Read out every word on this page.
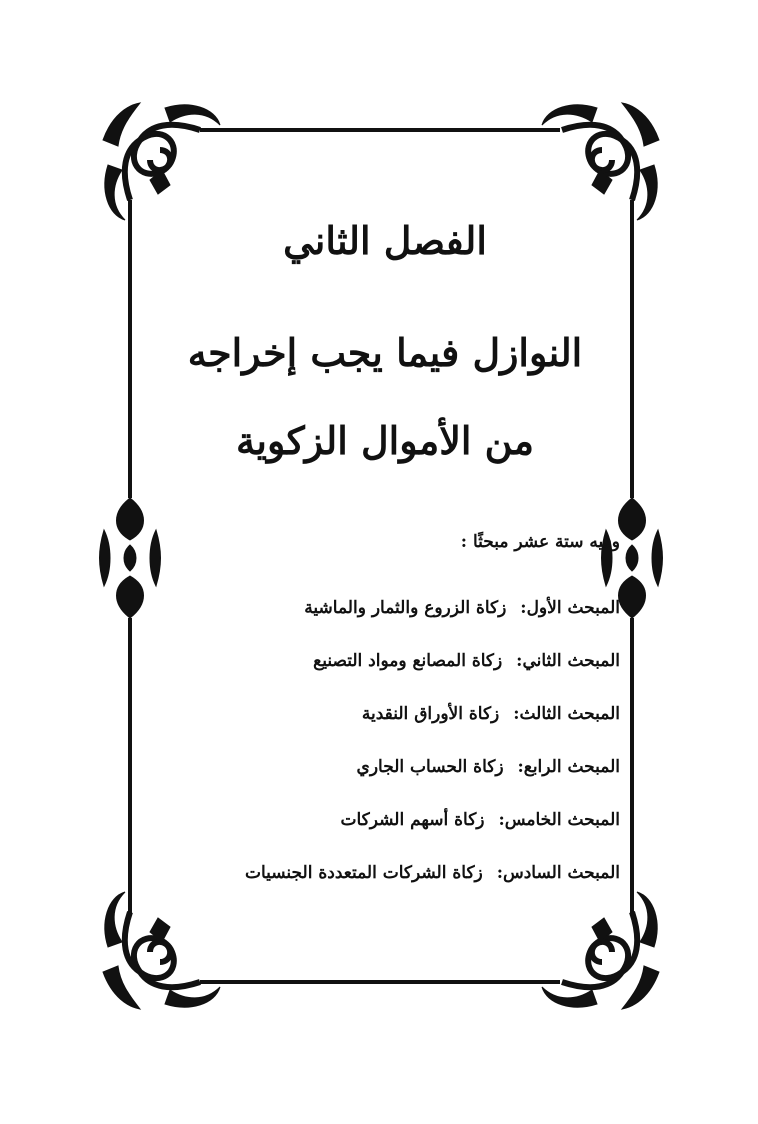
الفصل الثاني
النوازل فيما يجب إخراجه
من الأموال الزكوية

وفيه ستة عشر مبحثًا :

المبحث الأول: زكاة الزروع والثمار والماشية
المبحث الثاني: زكاة المصانع ومواد التصنيع
المبحث الثالث: زكاة الأوراق النقدية
المبحث الرابع: زكاة الحساب الجاري
المبحث الخامس: زكاة أسهم الشركات
المبحث السادس: زكاة الشركات المتعددة الجنسيات
